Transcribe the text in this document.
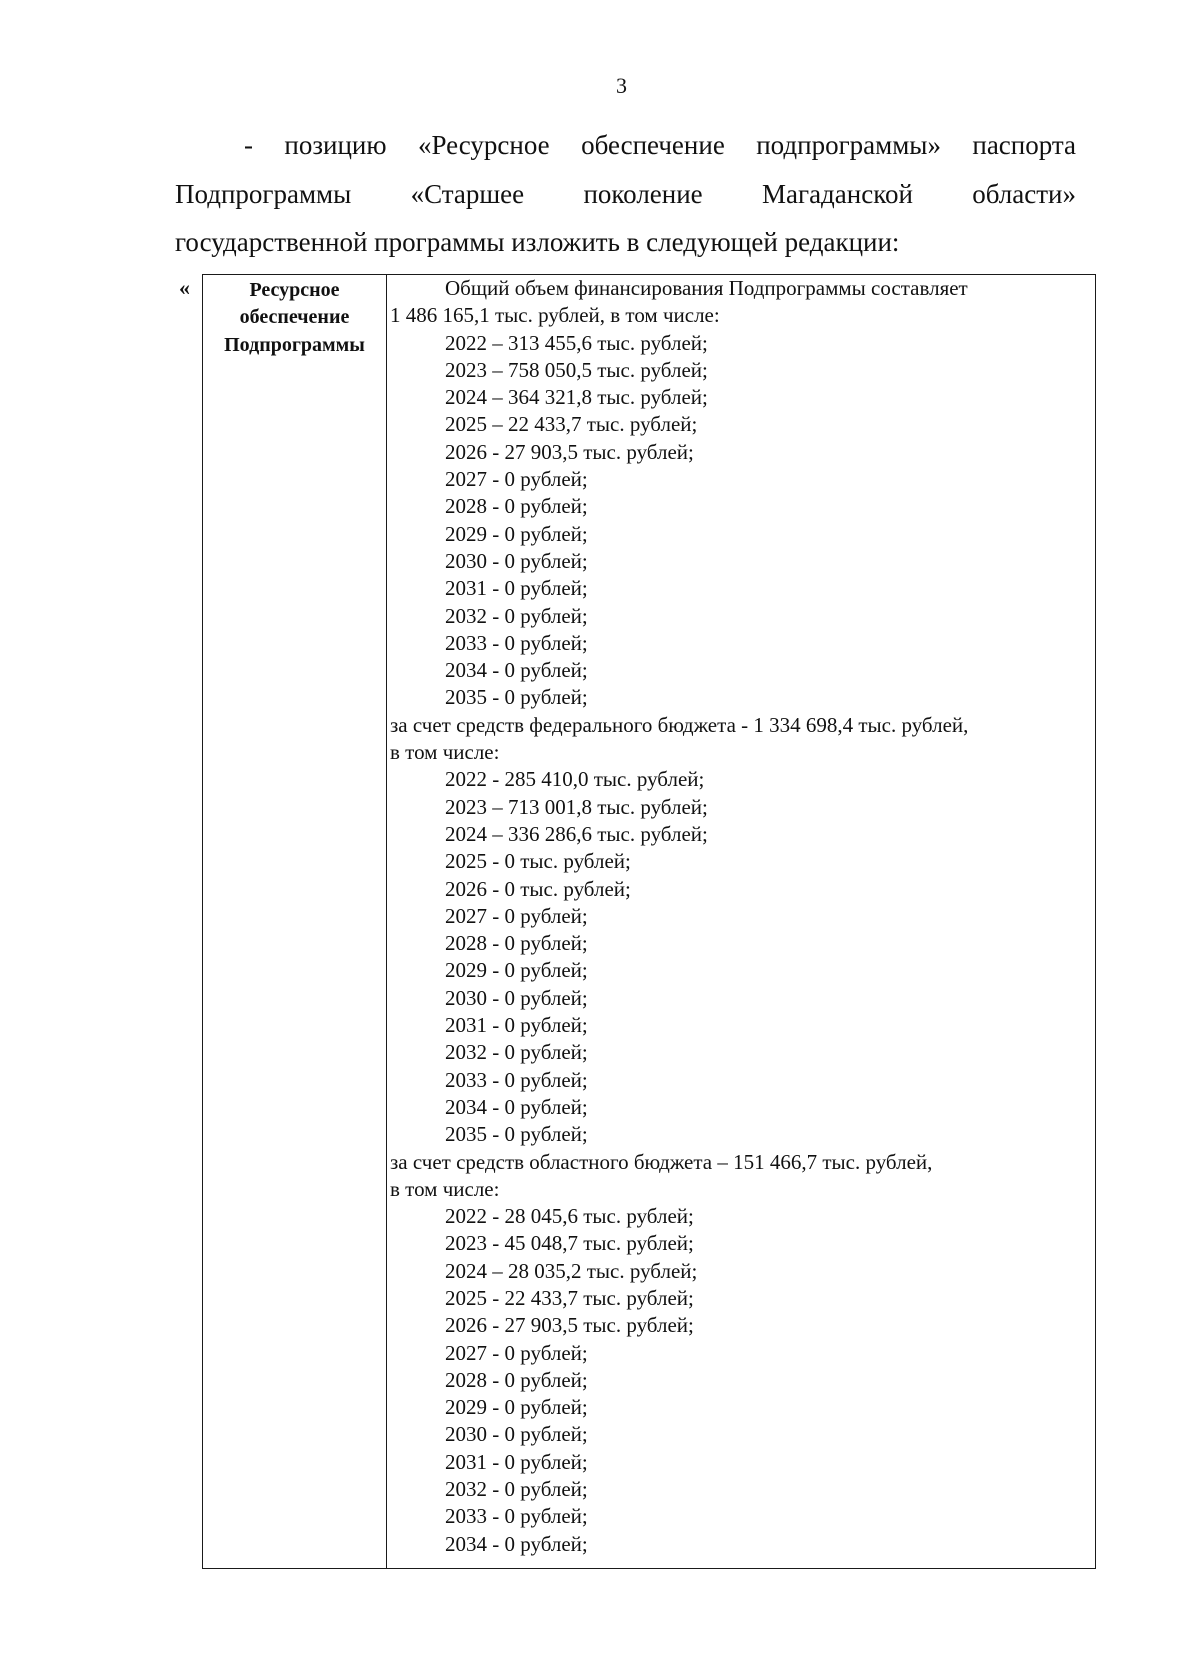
3
- позицию «Ресурсное обеспечение подпрограммы» паспорта
Подпрограммы «Старшее поколение Магаданской области»
государственной программы изложить в следующей редакции:
«	Ресурсное
обеспечение
Подпрограммы
Общий объем финансирования Подпрограммы составляет
1 486 165,1 тыс. рублей, в том числе:
2022 – 313 455,6 тыс. рублей;
2023 – 758 050,5 тыс. рублей;
2024 – 364 321,8 тыс. рублей;
2025 – 22 433,7 тыс. рублей;
2026 - 27 903,5 тыс. рублей;
2027 - 0 рублей;
2028 - 0 рублей;
2029 - 0 рублей;
2030 - 0 рублей;
2031 - 0 рублей;
2032 - 0 рублей;
2033 - 0 рублей;
2034 - 0 рублей;
2035 - 0 рублей;
за счет средств федерального бюджета - 1 334 698,4 тыс. рублей,
в том числе:
2022 - 285 410,0 тыс. рублей;
2023 – 713 001,8 тыс. рублей;
2024 – 336 286,6 тыс. рублей;
2025 - 0 тыс. рублей;
2026 - 0 тыс. рублей;
2027 - 0 рублей;
2028 - 0 рублей;
2029 - 0 рублей;
2030 - 0 рублей;
2031 - 0 рублей;
2032 - 0 рублей;
2033 - 0 рублей;
2034 - 0 рублей;
2035 - 0 рублей;
за счет средств областного бюджета – 151 466,7 тыс. рублей,
в том числе:
2022 - 28 045,6 тыс. рублей;
2023 - 45 048,7 тыс. рублей;
2024 – 28 035,2 тыс. рублей;
2025 - 22 433,7 тыс. рублей;
2026 - 27 903,5 тыс. рублей;
2027 - 0 рублей;
2028 - 0 рублей;
2029 - 0 рублей;
2030 - 0 рублей;
2031 - 0 рублей;
2032 - 0 рублей;
2033 - 0 рублей;
2034 - 0 рублей;
